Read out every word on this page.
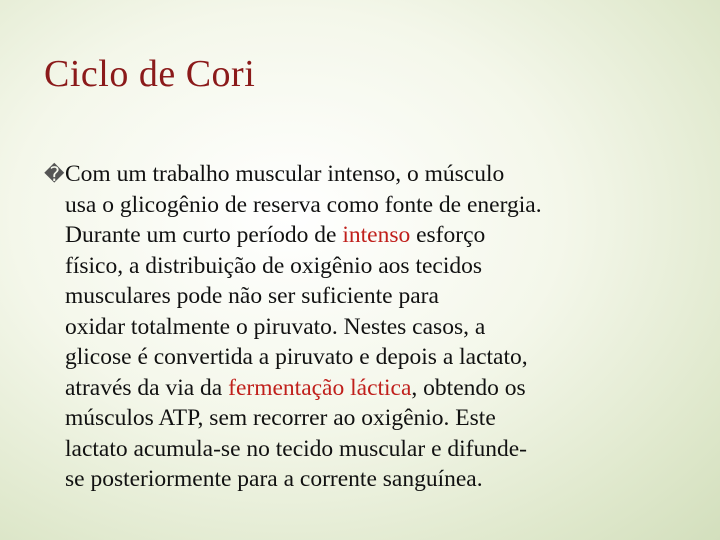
Ciclo de Cori
�Com um trabalho muscular intenso, o músculo
usa o glicogênio de reserva como fonte de energia.
Durante um curto período de intenso esforço
físico, a distribuição de oxigênio aos tecidos
musculares pode não ser suficiente para
oxidar totalmente o piruvato. Nestes casos, a
glicose é convertida a piruvato e depois a lactato,
através da via da fermentação láctica, obtendo os
músculos ATP, sem recorrer ao oxigênio. Este
lactato acumula-se no tecido muscular e difunde-
se posteriormente para a corrente sanguínea.
